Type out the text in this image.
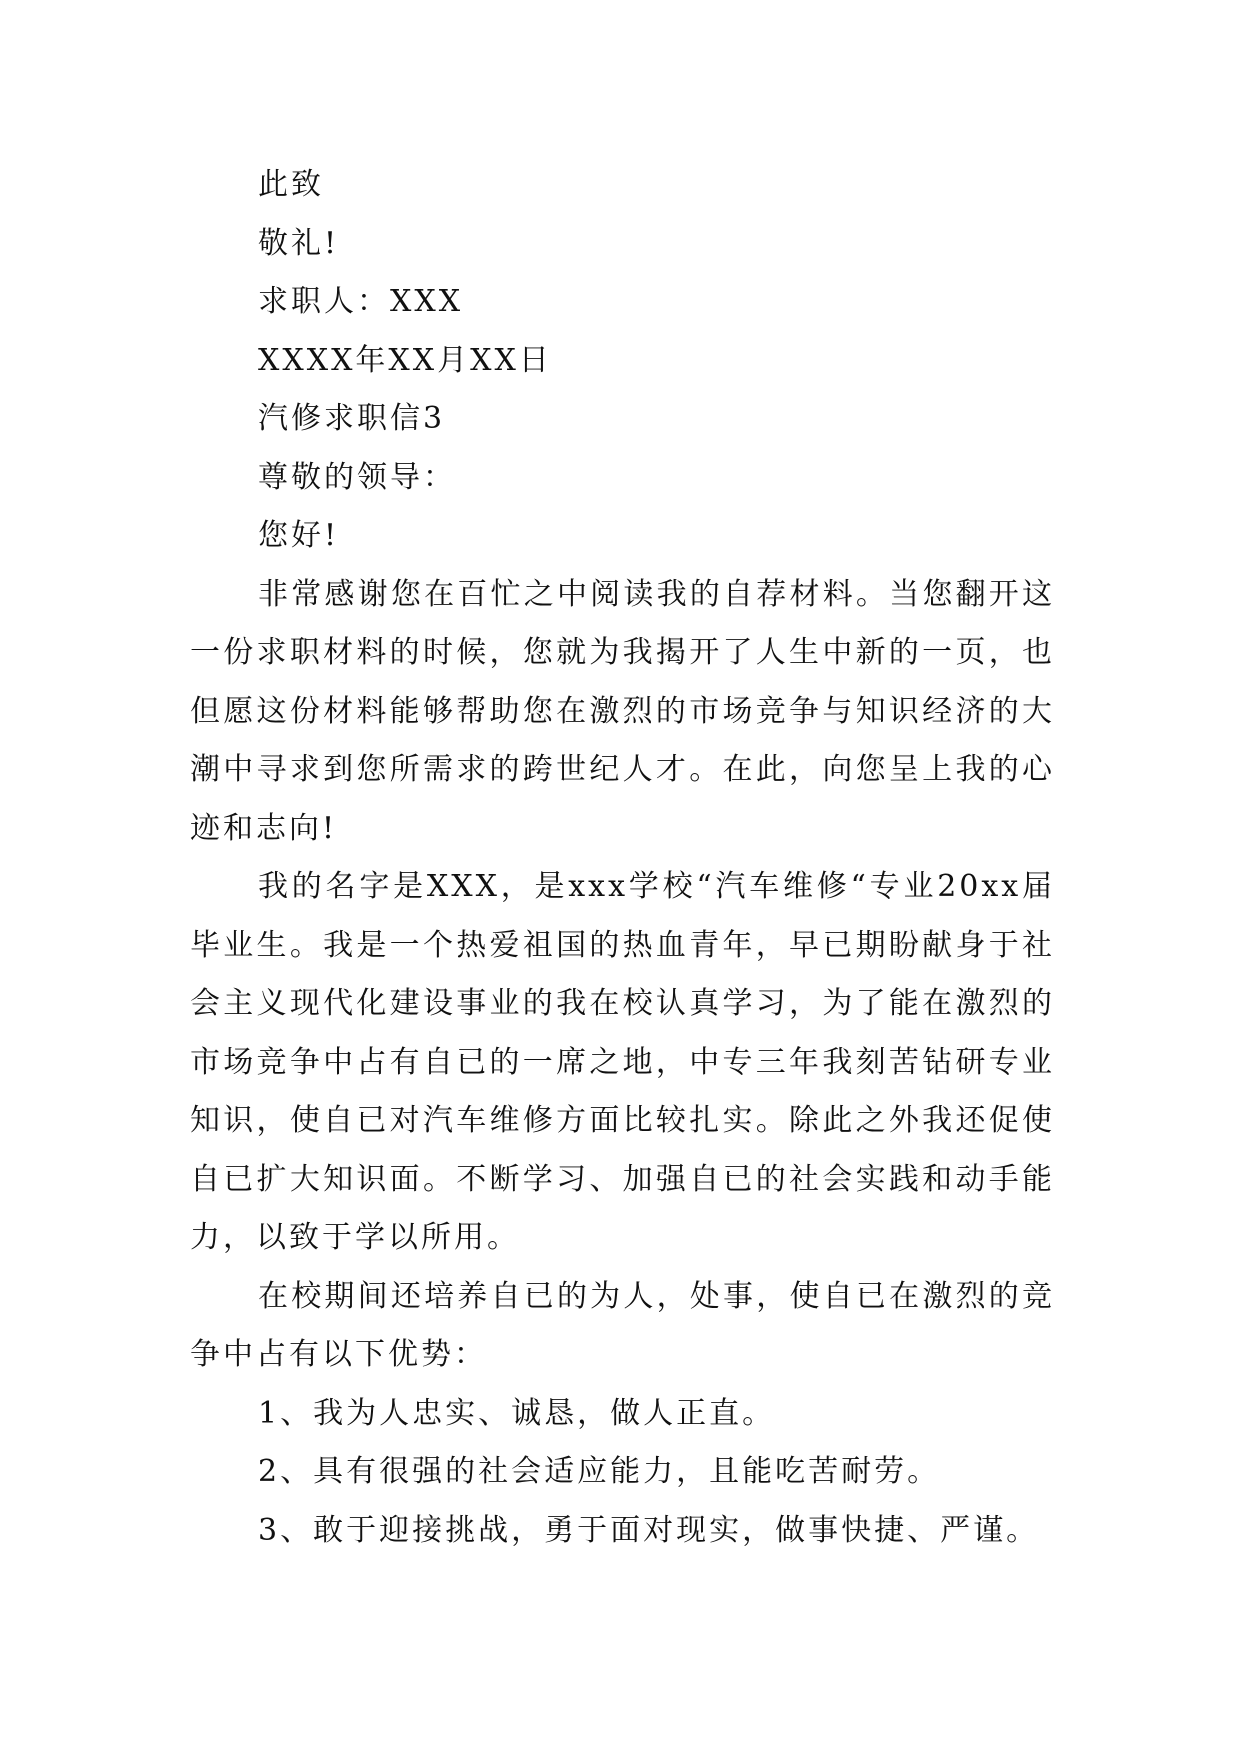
此致

敬礼!

求职人：XXX

XXXX年XX月XX日

汽修求职信3

尊敬的领导：

您好!

非常感谢您在百忙之中阅读我的自荐材料。当您翻开这一份求职材料的时候，您就为我揭开了人生中新的一页，也但愿这份材料能够帮助您在激烈的市场竞争与知识经济的大潮中寻求到您所需求的跨世纪人才。在此，向您呈上我的心迹和志向!

我的名字是XXX，是xxx学校“汽车维修“专业20xx届毕业生。我是一个热爱祖国的热血青年，早已期盼献身于社会主义现代化建设事业的我在校认真学习，为了能在激烈的市场竞争中占有自已的一席之地，中专三年我刻苦钻研专业知识，使自已对汽车维修方面比较扎实。除此之外我还促使自已扩大知识面。不断学习、加强自已的社会实践和动手能力，以致于学以所用。

在校期间还培养自已的为人，处事，使自已在激烈的竞争中占有以下优势：

1、我为人忠实、诚恳，做人正直。

2、具有很强的社会适应能力，且能吃苦耐劳。

3、敢于迎接挑战，勇于面对现实，做事快捷、严谨。
